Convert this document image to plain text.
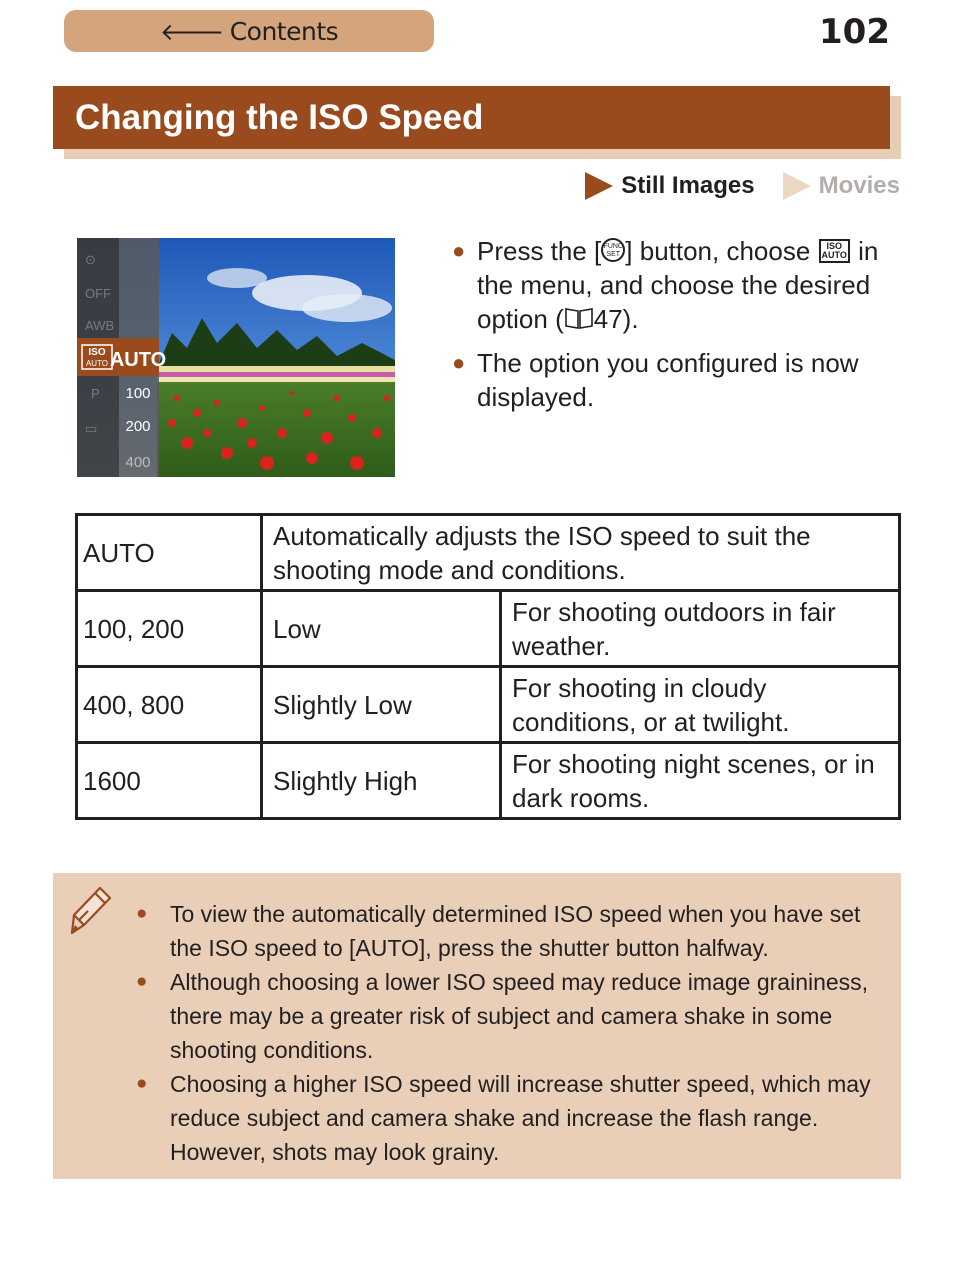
🡐 Contents	102
Changing the ISO Speed
Still Images	Movies
⊙
OFF
AWB
P
▭
ISO
AUTO AUTO
100
200
400
● Press the [ FUNC
SET ] button, choose ISO
AUTO in the menu, and choose the desired option ( 47).
● The option you configured is now displayed.
AUTO	Automatically adjusts the ISO speed to suit the shooting mode and conditions.	
100, 200	Low	For shooting outdoors in fair weather.
400, 800	Slightly Low	For shooting in cloudy conditions, or at twilight.
1600	Slightly High	For shooting night scenes, or in dark rooms.
● To view the automatically determined ISO speed when you have set the ISO speed to [AUTO], press the shutter button halfway.
● Although choosing a lower ISO speed may reduce image graininess, there may be a greater risk of subject and camera shake in some shooting conditions.
● Choosing a higher ISO speed will increase shutter speed, which may reduce subject and camera shake and increase the flash range. However, shots may look grainy.
